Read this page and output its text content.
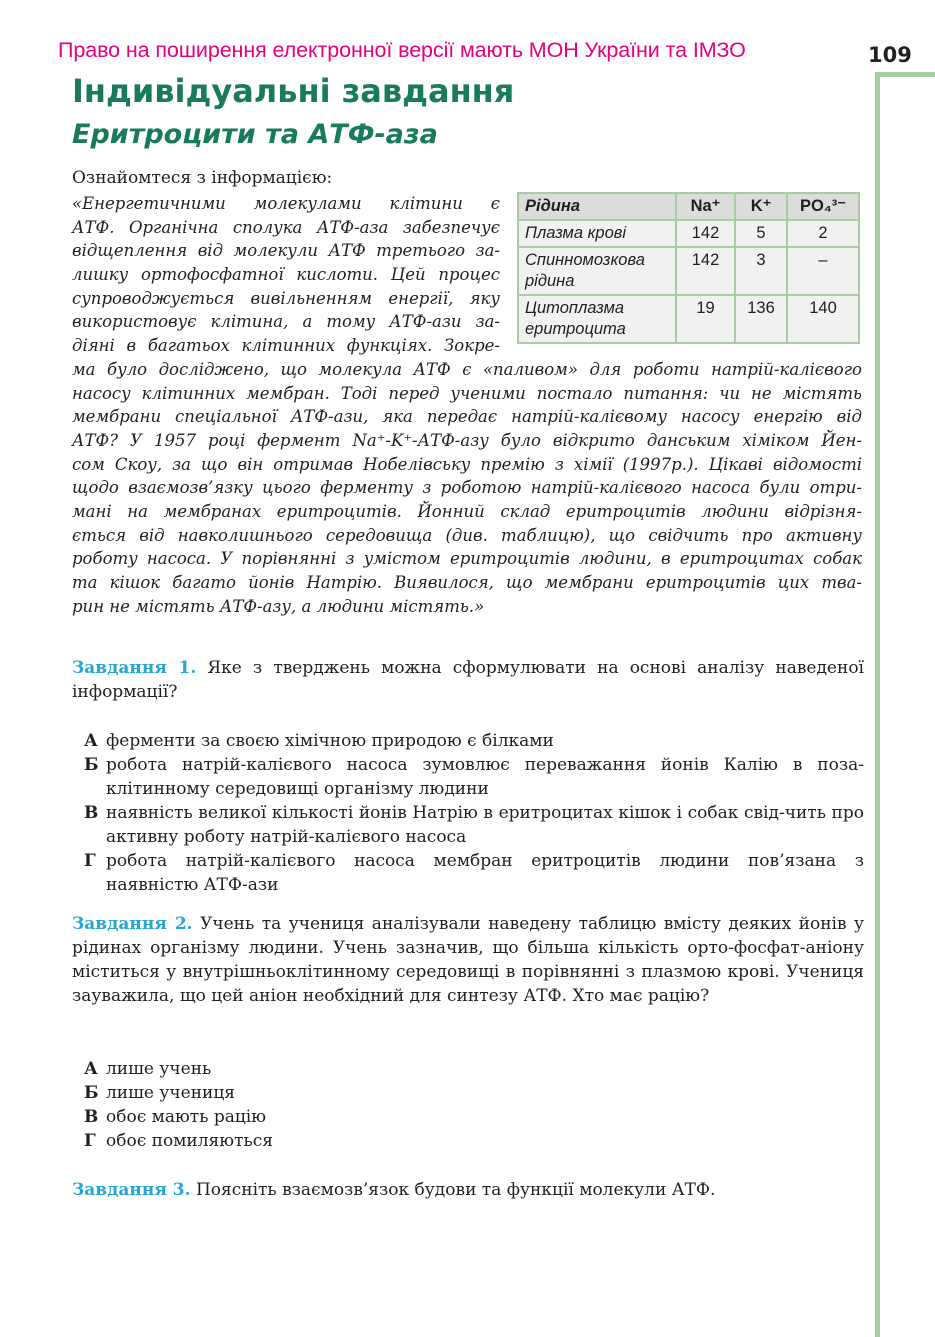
Право на поширення електронної версії мають МОН України та ІМЗО	109
Індивідуальні завдання
Еритроцити та АТФ-аза
Ознайомтеся з інформацією:
«Енергетичними молекулами клітини є
АТФ. Органічна сполука АТФ-аза забезпечує
відщеплення від молекули АТФ третього за-
лишку ортофосфатної кислоти. Цей процес
супроводжується вивільненням енергії, яку
використовує клітина, а тому АТФ-ази за-
діяні в багатьох клітинних функціях. Зокре-
ма було досліджено, що молекула АТФ є «паливом» для роботи натрій-калієвого
насосу клітинних мембран. Тоді перед ученими постало питання: чи не містять
мембрани спеціальної АТФ-ази, яка передає натрій-калієвому насосу енергію від
АТФ? У 1957 році фермент Na⁺-K⁺-АТФ-азу було відкрито данським хіміком Йен-
сом Скоу, за що він отримав Нобелівську премію з хімії (1997р.). Цікаві відомості
щодо взаємозв’язку цього ферменту з роботою натрій-калієвого насоса були отри-
мані на мембранах еритроцитів. Йонний склад еритроцитів людини відрізня-
ється від навколишнього середовища (див. таблицю), що свідчить про активну
роботу насоса. У порівнянні з умістом еритроцитів людини, в еритроцитах собак
та кішок багато йонів Натрію. Виявилося, що мембрани еритроцитів цих тва-
рин не містять АТФ-азу, а людини містять.»
Рідина	Na⁺	K⁺	PO₄³⁻
Плазма крові	142	5	2
Спинномозкова рідина	142	3	–
Цитоплазма еритроцита	19	136	140
Завдання 1. Яке з тверджень можна сформулювати на основі аналізу наведеної інформації?
А ферменти за своєю хімічною природою є білками
Б робота натрій-калієвого насоса зумовлює переважання йонів Калію в поза-клітинному середовищі організму людини
В наявність великої кількості йонів Натрію в еритроцитах кішок і собак свід-чить про активну роботу натрій-калієвого насоса
Г робота натрій-калієвого насоса мембран еритроцитів людини пов’язана з наявністю АТФ-ази
Завдання 2. Учень та учениця аналізували наведену таблицю вмісту деяких йонів у рідинах організму людини. Учень зазначив, що більша кількість орто-фосфат-аніону міститься у внутрішньоклітинному середовищі в порівнянні з плазмою крові. Учениця зауважила, що цей аніон необхідний для синтезу АТФ. Хто має рацію?
А лише учень
Б лише учениця
В обоє мають рацію
Г обоє помиляються
Завдання 3. Поясніть взаємозв’язок будови та функції молекули АТФ.
